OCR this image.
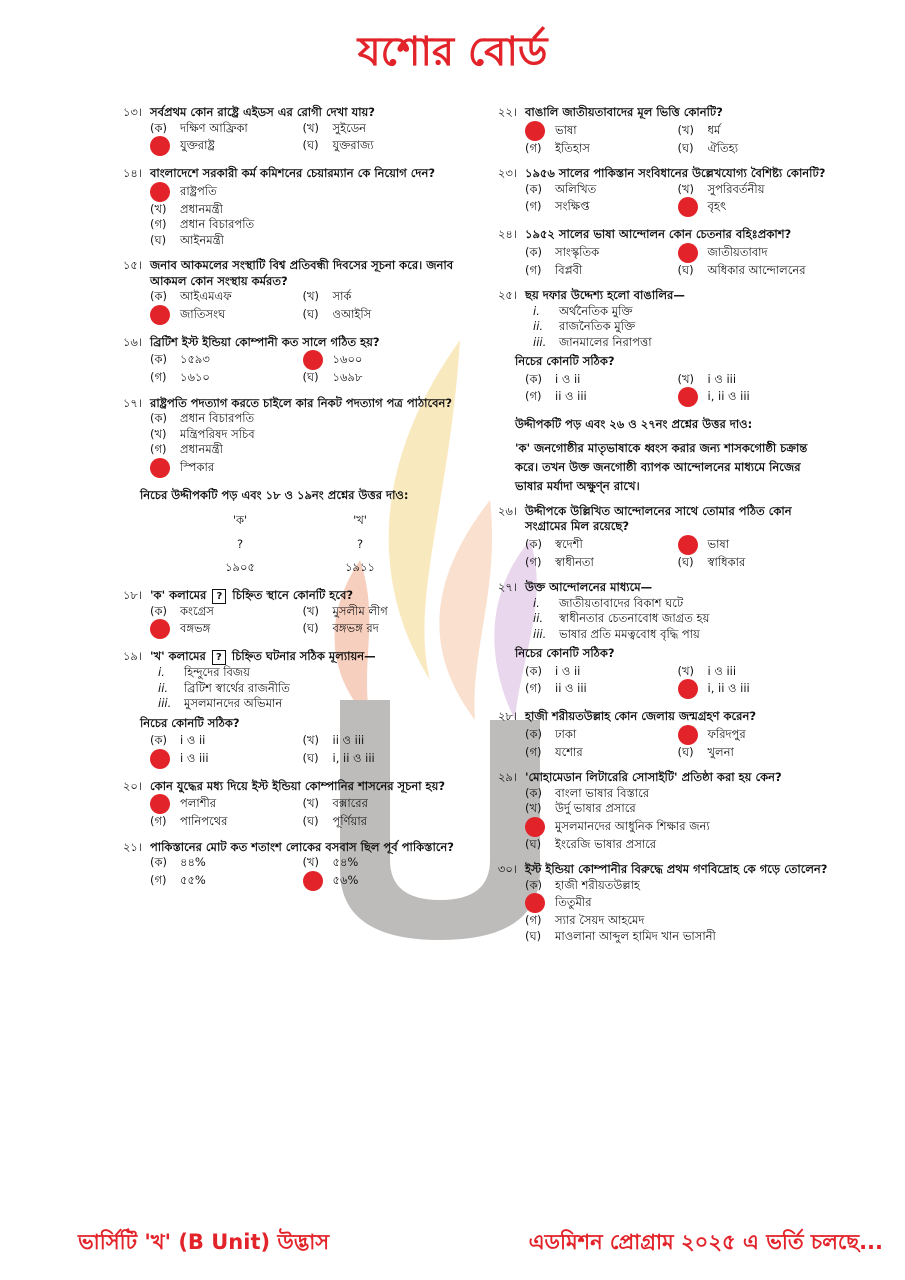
যশোর বোর্ড
১৩। সর্বপ্রথম কোন রাষ্ট্রে এইডস এর রোগী দেখা যায়?
(ক)	দক্ষিণ আফ্রিকা	(খ)	সুইডেন
যুক্তরাষ্ট্র	(ঘ)	যুক্তরাজ্য
১৪। বাংলাদেশে সরকারী কর্ম কমিশনের চেয়ারম্যান কে নিয়োগ দেন?
রাষ্ট্রপতি
(খ)	প্রধানমন্ত্রী
(গ)	প্রধান বিচারপতি
(ঘ)	আইনমন্ত্রী
১৫। জনাব আকমলের সংস্থাটি বিশ্ব প্রতিবন্ধী দিবসের সূচনা করে। জনাব আকমল কোন সংস্থায় কর্মরত?
(ক)	আইএমএফ	(খ)	সার্ক
জাতিসংঘ	(ঘ)	ওআইসি
১৬। ব্রিটিশ ইস্ট ইন্ডিয়া কোম্পানী কত সালে গঠিত হয়?
(ক)	১৫৯৩	১৬০০
(গ)	১৬১০	(ঘ)	১৬৯৮
১৭। রাষ্ট্রপতি পদত্যাগ করতে চাইলে কার নিকট পদত্যাগ পত্র পাঠাবেন?
(ক)	প্রধান বিচারপতি
(খ)	মন্ত্রিপরিষদ সচিব
(গ)	প্রধানমন্ত্রী
স্পিকার
নিচের উদ্দীপকটি পড় এবং ১৮ ও ১৯নং প্রশ্নের উত্তর দাও:
'ক'	'খ'
?	?
১৯০৫	১৯১১
১৮। 'ক' কলামের ? চিহ্নিত স্থানে কোনটি হবে?
(ক)	কংগ্রেস	(খ)	মুসলীম লীগ
বঙ্গভঙ্গ	(ঘ)	বঙ্গভঙ্গ রদ
১৯। 'খ' কলামের ? চিহ্নিত ঘটনার সঠিক মূল্যায়ন—
i.	হিন্দুদের বিজয়
ii.	ব্রিটিশ স্বার্থের রাজনীতি
iii.	মুসলমানদের অভিমান
নিচের কোনটি সঠিক?
(ক)	i ও ii	(খ)	ii ও iii
i ও iii	(ঘ)	i, ii ও iii
২০। কোন যুদ্ধের মধ্য দিয়ে ইস্ট ইন্ডিয়া কোম্পানির শাসনের সূচনা হয়?
পলাশীর	(খ)	বক্সারের
(গ)	পানিপথের	(ঘ)	পূর্ণিয়ার
২১। পাকিস্তানের মোট কত শতাংশ লোকের বসবাস ছিল পূর্ব পাকিস্তানে?
(ক)	৪৪%	(খ)	৫৪%
(গ)	৫৫%	৫৬%
২২। বাঙালি জাতীয়তাবাদের মূল ভিত্তি কোনটি?
ভাষা	(খ)	ধর্ম
(গ)	ইতিহাস	(ঘ)	ঐতিহ্য
২৩। ১৯৫৬ সালের পাকিস্তান সংবিধানের উল্লেখযোগ্য বৈশিষ্ট্য কোনটি?
(ক)	অলিখিত	(খ)	সুপরিবর্তনীয়
(গ)	সংক্ষিপ্ত	বৃহৎ
২৪। ১৯৫২ সালের ভাষা আন্দোলন কোন চেতনার বহিঃপ্রকাশ?
(ক)	সাংস্কৃতিক	জাতীয়তাবাদ
(গ)	বিপ্লবী	(ঘ)	অধিকার আন্দোলনের
২৫। ছয় দফার উদ্দেশ্য হলো বাঙালির—
i.	অর্থনৈতিক মুক্তি
ii.	রাজনৈতিক মুক্তি
iii.	জানমালের নিরাপত্তা
নিচের কোনটি সঠিক?
(ক)	i ও ii	(খ)	i ও iii
(গ)	ii ও iii	i, ii ও iii
উদ্দীপকটি পড় এবং ২৬ ও ২৭নং প্রশ্নের উত্তর দাও:
'ক' জনগোষ্ঠীর মাতৃভাষাকে ধ্বংস করার জন্য শাসকগোষ্ঠী চক্রান্ত করে। তখন উক্ত জনগোষ্ঠী ব্যাপক আন্দোলনের মাধ্যমে নিজের ভাষার মর্যাদা অক্ষুণ্ন রাখে।
২৬। উদ্দীপকে উল্লিখিত আন্দোলনের সাথে তোমার পঠিত কোন সংগ্রামের মিল রয়েছে?
(ক)	স্বদেশী	ভাষা
(গ)	স্বাধীনতা	(ঘ)	স্বাধিকার
২৭। উক্ত আন্দোলনের মাধ্যমে—
i.	জাতীয়তাবাদের বিকাশ ঘটে
ii.	স্বাধীনতার চেতনাবোধ জাগ্রত হয়
iii.	ভাষার প্রতি মমত্ববোধ বৃদ্ধি পায়
নিচের কোনটি সঠিক?
(ক)	i ও ii	(খ)	i ও iii
(গ)	ii ও iii	i, ii ও iii
২৮। হাজী শরীয়তউল্লাহ কোন জেলায় জন্মগ্রহণ করেন?
(ক)	ঢাকা	ফরিদপুর
(গ)	যশোর	(ঘ)	খুলনা
২৯। 'মোহামেডান লিটারেরি সোসাইটি' প্রতিষ্ঠা করা হয় কেন?
(ক)	বাংলা ভাষার বিস্তারে
(খ)	উর্দু ভাষার প্রসারে
মুসলমানদের আধুনিক শিক্ষার জন্য
(ঘ)	ইংরেজি ভাষার প্রসারে
৩০। ইস্ট ইন্ডিয়া কোম্পানীর বিরুদ্ধে প্রথম গণবিদ্রোহ কে গড়ে তোলেন?
(ক)	হাজী শরীয়তউল্লাহ
তিতুমীর
(গ)	স্যার সৈয়দ আহমেদ
(ঘ)	মাওলানা আব্দুল হামিদ খান ভাসানী
ভার্সিটি 'খ' (B Unit) উদ্ভাস	এডমিশন প্রোগ্রাম ২০২৫ এ ভর্তি চলছে...
